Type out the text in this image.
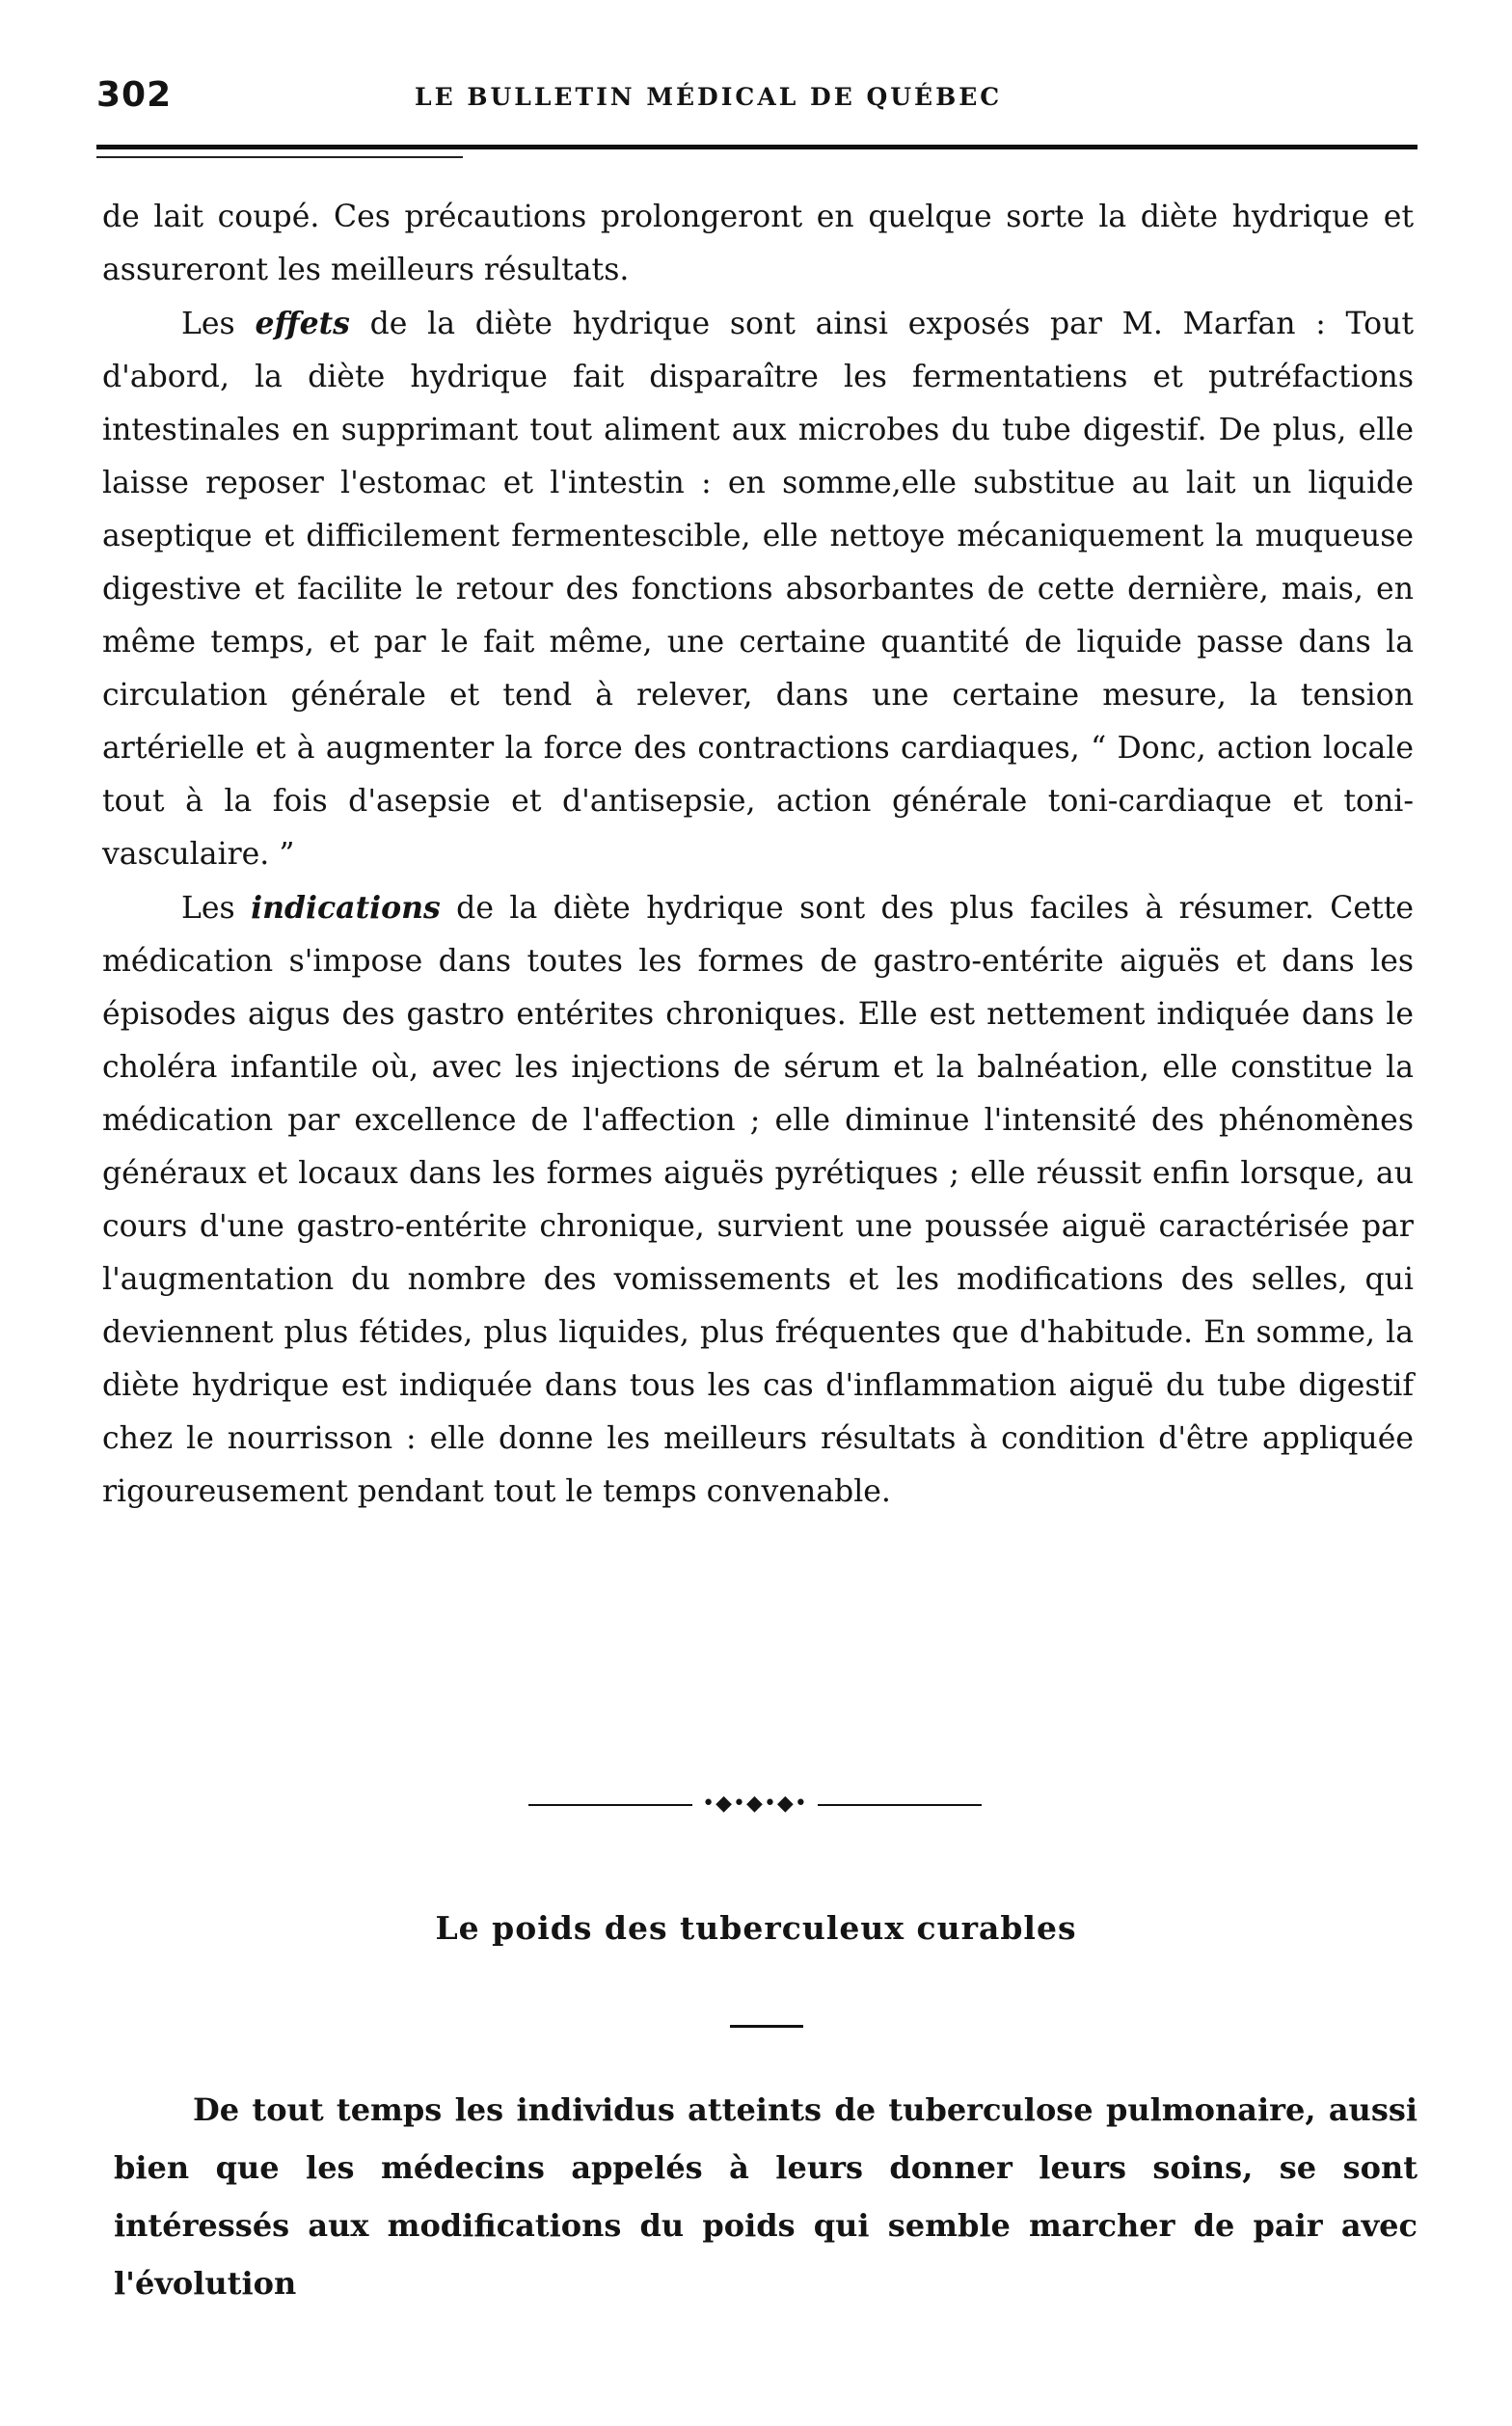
302	LE BULLETIN MÉDICAL DE QUÉBEC

de lait coupé. Ces précautions prolongeront en quelque sorte la diète hydrique et assureront les meilleurs résultats.

Les effets de la diète hydrique sont ainsi exposés par M. Marfan : Tout d'abord, la diète hydrique fait disparaître les fermentatiens et putréfactions intestinales en supprimant tout aliment aux microbes du tube digestif. De plus, elle laisse reposer l'estomac et l'intestin : en somme,elle substitue au lait un liquide aseptique et difficilement fermentescible, elle nettoye mécaniquement la muqueuse digestive et facilite le retour des fonctions absorbantes de cette dernière, mais, en même temps, et par le fait même, une certaine quantité de liquide passe dans la circulation générale et tend à relever, dans une certaine mesure, la tension artérielle et à augmenter la force des contractions cardiaques, “ Donc, action locale tout à la fois d'asepsie et d'antisepsie, action générale toni-cardiaque et toni-vasculaire. ”

Les indications de la diète hydrique sont des plus faciles à résumer. Cette médication s'impose dans toutes les formes de gastro-entérite aiguës et dans les épisodes aigus des gastro entérites chroniques. Elle est nettement indiquée dans le choléra infantile où, avec les injections de sérum et la balnéation, elle constitue la médication par excellence de l'affection ; elle diminue l'intensité des phénomènes généraux et locaux dans les formes aiguës pyrétiques ; elle réussit enfin lorsque, au cours d'une gastro-entérite chronique, survient une poussée aiguë caractérisée par l'augmentation du nombre des vomissements et les modifications des selles, qui deviennent plus fétides, plus liquides, plus fréquentes que d'habitude. En somme, la diète hydrique est indiquée dans tous les cas d'inflammation aiguë du tube digestif chez le nourrisson : elle donne les meilleurs résultats à condition d'être appliquée rigoureusement pendant tout le temps convenable.

•◆•◆•◆•
Le poids des tuberculeux curables

De tout temps les individus atteints de tuberculose pulmonaire, aussi bien que les médecins appelés à leurs donner leurs soins, se sont intéressés aux modifications du poids qui semble marcher de pair avec l'évolution
